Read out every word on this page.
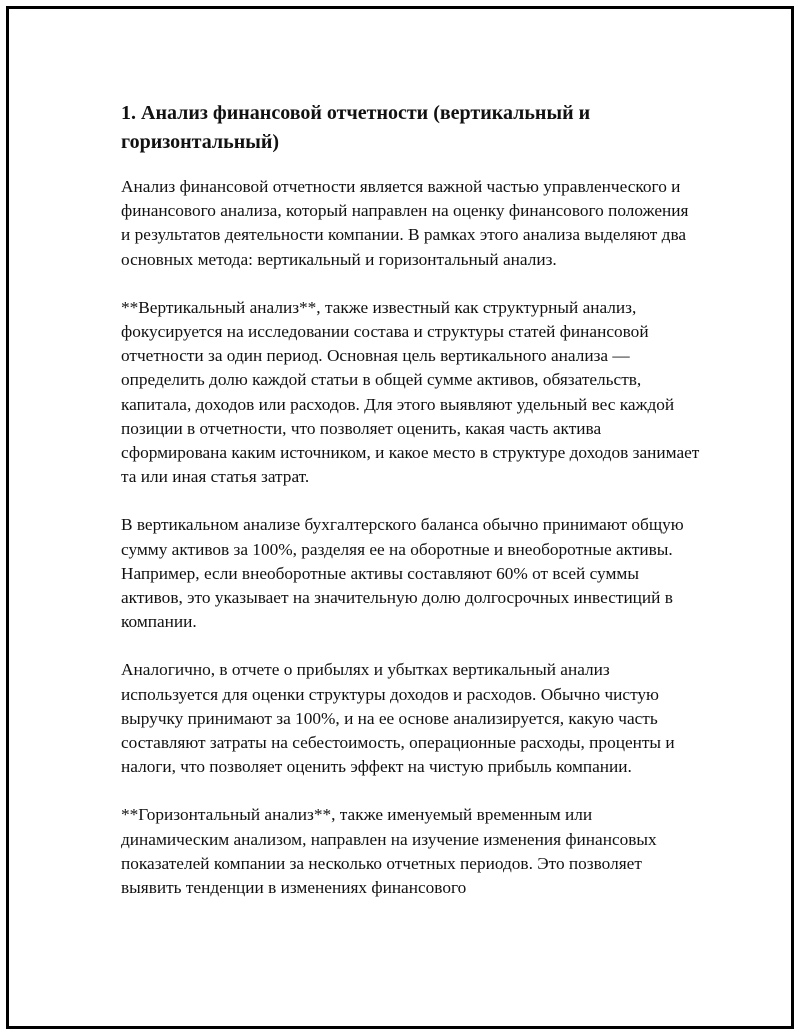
1. Анализ финансовой отчетности (вертикальный и горизонтальный)

Анализ финансовой отчетности является важной частью управленческого и финансового анализа, который направлен на оценку финансового положения и результатов деятельности компании. В рамках этого анализа выделяют два основных метода: вертикальный и горизонтальный анализ.

**Вертикальный анализ**, также известный как структурный анализ, фокусируется на исследовании состава и структуры статей финансовой отчетности за один период. Основная цель вертикального анализа — определить долю каждой статьи в общей сумме активов, обязательств, капитала, доходов или расходов. Для этого выявляют удельный вес каждой позиции в отчетности, что позволяет оценить, какая часть актива сформирована каким источником, и какое место в структуре доходов занимает та или иная статья затрат.

В вертикальном анализе бухгалтерского баланса обычно принимают общую сумму активов за 100%, разделяя ее на оборотные и внеоборотные активы. Например, если внеоборотные активы составляют 60% от всей суммы активов, это указывает на значительную долю долгосрочных инвестиций в компании.

Аналогично, в отчете о прибылях и убытках вертикальный анализ используется для оценки структуры доходов и расходов. Обычно чистую выручку принимают за 100%, и на ее основе анализируется, какую часть составляют затраты на себестоимость, операционные расходы, проценты и налоги, что позволяет оценить эффект на чистую прибыль компании.

**Горизонтальный анализ**, также именуемый временным или динамическим анализом, направлен на изучение изменения финансовых показателей компании за несколько отчетных периодов. Это позволяет выявить тенденции в изменениях финансового
